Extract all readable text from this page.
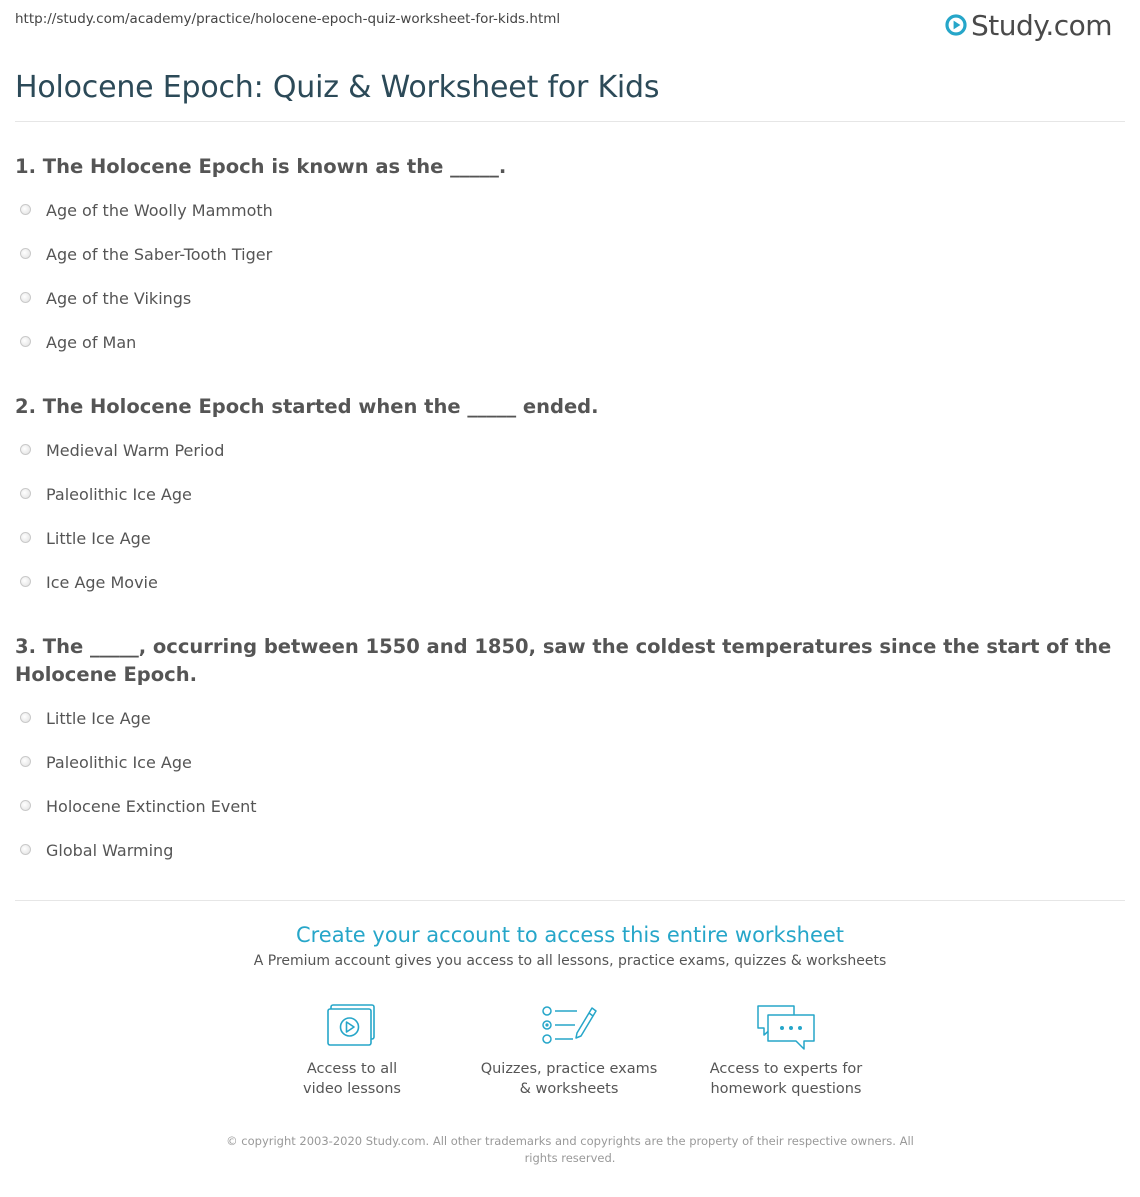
http://study.com/academy/practice/holocene-epoch-quiz-worksheet-for-kids.html	Study.com
Holocene Epoch: Quiz & Worksheet for Kids
1. The Holocene Epoch is known as the _____.
Age of the Woolly Mammoth
Age of the Saber-Tooth Tiger
Age of the Vikings
Age of Man
2. The Holocene Epoch started when the _____ ended.
Medieval Warm Period
Paleolithic Ice Age
Little Ice Age
Ice Age Movie
3. The _____, occurring between 1550 and 1850, saw the coldest temperatures since the start of the Holocene Epoch.
Little Ice Age
Paleolithic Ice Age
Holocene Extinction Event
Global Warming
Create your account to access this entire worksheet
A Premium account gives you access to all lessons, practice exams, quizzes & worksheets
Access to all
video lessons
Quizzes, practice exams
& worksheets
Access to experts for
homework questions
© copyright 2003-2020 Study.com. All other trademarks and copyrights are the property of their respective owners. All rights reserved.
